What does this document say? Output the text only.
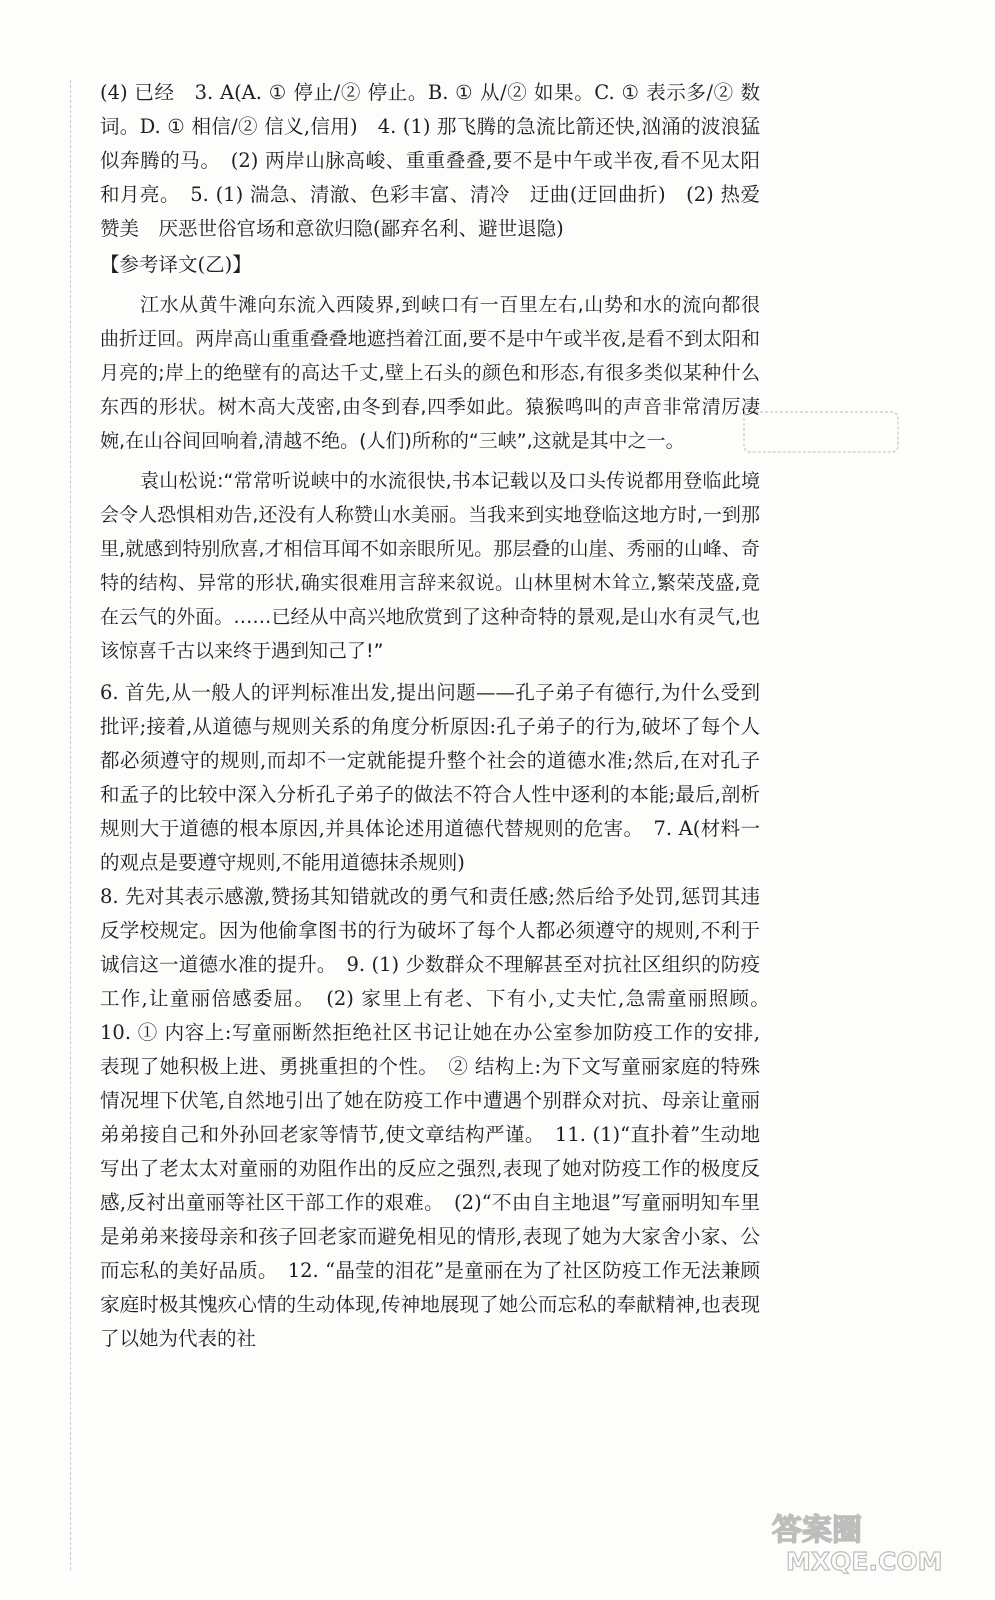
(4) 已经　3. A(A. ① 停止/② 停止。B. ① 从/② 如果。C. ① 表示多/② 数词。D. ① 相信/② 信义,信用)　4. (1) 那飞腾的急流比箭还快,汹涌的波浪猛似奔腾的马。　(2) 两岸山脉高峻、重重叠叠,要不是中午或半夜,看不见太阳和月亮。　5. (1) 湍急、清澈、色彩丰富、清冷　迂曲(迂回曲折)　(2) 热爱赞美　厌恶世俗官场和意欲归隐(鄙弃名利、避世退隐)

【参考译文(乙)】

江水从黄牛滩向东流入西陵界,到峡口有一百里左右,山势和水的流向都很曲折迂回。两岸高山重重叠叠地遮挡着江面,要不是中午或半夜,是看不到太阳和月亮的;岸上的绝壁有的高达千丈,壁上石头的颜色和形态,有很多类似某种什么东西的形状。树木高大茂密,由冬到春,四季如此。猿猴鸣叫的声音非常清厉凄婉,在山谷间回响着,清越不绝。(人们)所称的“三峡”,这就是其中之一。

袁山松说:“常常听说峡中的水流很快,书本记载以及口头传说都用登临此境会令人恐惧相劝告,还没有人称赞山水美丽。当我来到实地登临这地方时,一到那里,就感到特别欣喜,才相信耳闻不如亲眼所见。那层叠的山崖、秀丽的山峰、奇特的结构、异常的形状,确实很难用言辞来叙说。山林里树木耸立,繁荣茂盛,竟在云气的外面。……已经从中高兴地欣赏到了这种奇特的景观,是山水有灵气,也该惊喜千古以来终于遇到知己了!”

6. 首先,从一般人的评判标准出发,提出问题——孔子弟子有德行,为什么受到批评;接着,从道德与规则关系的角度分析原因:孔子弟子的行为,破坏了每个人都必须遵守的规则,而却不一定就能提升整个社会的道德水准;然后,在对孔子和孟子的比较中深入分析孔子弟子的做法不符合人性中逐利的本能;最后,剖析规则大于道德的根本原因,并具体论述用道德代替规则的危害。　7. A(材料一的观点是要遵守规则,不能用道德抹杀规则)

8. 先对其表示感激,赞扬其知错就改的勇气和责任感;然后给予处罚,惩罚其违反学校规定。因为他偷拿图书的行为破坏了每个人都必须遵守的规则,不利于诚信这一道德水准的提升。　9. (1) 少数群众不理解甚至对抗社区组织的防疫工作,让童丽倍感委屈。　(2) 家里上有老、下有小,丈夫忙,急需童丽照顾。　10. ① 内容上:写童丽断然拒绝社区书记让她在办公室参加防疫工作的安排,表现了她积极上进、勇挑重担的个性。　② 结构上:为下文写童丽家庭的特殊情况埋下伏笔,自然地引出了她在防疫工作中遭遇个别群众对抗、母亲让童丽弟弟接自己和外孙回老家等情节,使文章结构严谨。　11. (1)“直扑着”生动地写出了老太太对童丽的劝阻作出的反应之强烈,表现了她对防疫工作的极度反感,反衬出童丽等社区干部工作的艰难。　(2)“不由自主地退”写童丽明知车里是弟弟来接母亲和孩子回老家而避免相见的情形,表现了她为大家舍小家、公而忘私的美好品质。　12. “晶莹的泪花”是童丽在为了社区防疫工作无法兼顾家庭时极其愧疚心情的生动体现,传神地展现了她公而忘私的奉献精神,也表现了以她为代表的社

答案圈
MXQE.COM
